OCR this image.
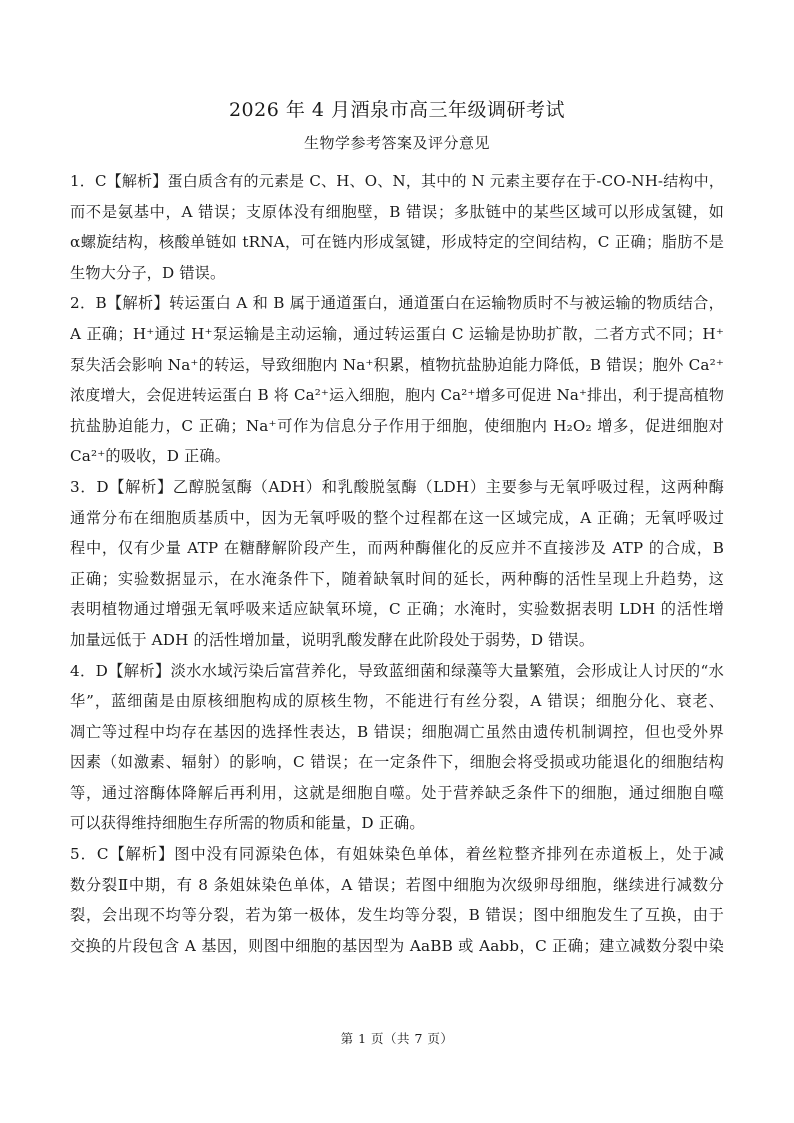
2026 年 4 月酒泉市高三年级调研考试
生物学参考答案及评分意见
1．C【解析】蛋白质含有的元素是 C、H、O、N，其中的 N 元素主要存在于-CO-NH-结构中，
而不是氨基中，A 错误；支原体没有细胞壁，B 错误；多肽链中的某些区域可以形成氢键，如
α螺旋结构，核酸单链如 tRNA，可在链内形成氢键，形成特定的空间结构，C 正确；脂肪不是
生物大分子，D 错误。
2．B【解析】转运蛋白 A 和 B 属于通道蛋白，通道蛋白在运输物质时不与被运输的物质结合，
A 正确；H⁺通过 H⁺泵运输是主动运输，通过转运蛋白 C 运输是协助扩散，二者方式不同；H⁺
泵失活会影响 Na⁺的转运，导致细胞内 Na⁺积累，植物抗盐胁迫能力降低，B 错误；胞外 Ca²⁺
浓度增大，会促进转运蛋白 B 将 Ca²⁺运入细胞，胞内 Ca²⁺增多可促进 Na⁺排出，利于提高植物
抗盐胁迫能力，C 正确；Na⁺可作为信息分子作用于细胞，使细胞内 H₂O₂ 增多，促进细胞对
Ca²⁺的吸收，D 正确。
3．D【解析】乙醇脱氢酶（ADH）和乳酸脱氢酶（LDH）主要参与无氧呼吸过程，这两种酶
通常分布在细胞质基质中，因为无氧呼吸的整个过程都在这一区域完成，A 正确；无氧呼吸过
程中，仅有少量 ATP 在糖酵解阶段产生，而两种酶催化的反应并不直接涉及 ATP 的合成，B
正确；实验数据显示，在水淹条件下，随着缺氧时间的延长，两种酶的活性呈现上升趋势，这
表明植物通过增强无氧呼吸来适应缺氧环境，C 正确；水淹时，实验数据表明 LDH 的活性增
加量远低于 ADH 的活性增加量，说明乳酸发酵在此阶段处于弱势，D 错误。
4．D【解析】淡水水域污染后富营养化，导致蓝细菌和绿藻等大量繁殖，会形成让人讨厌的“水
华”，蓝细菌是由原核细胞构成的原核生物，不能进行有丝分裂，A 错误；细胞分化、衰老、
凋亡等过程中均存在基因的选择性表达，B 错误；细胞凋亡虽然由遗传机制调控，但也受外界
因素（如激素、辐射）的影响，C 错误；在一定条件下，细胞会将受损或功能退化的细胞结构
等，通过溶酶体降解后再利用，这就是细胞自噬。处于营养缺乏条件下的细胞，通过细胞自噬
可以获得维持细胞生存所需的物质和能量，D 正确。
5．C【解析】图中没有同源染色体，有姐妹染色单体，着丝粒整齐排列在赤道板上，处于减
数分裂Ⅱ中期，有 8 条姐妹染色单体，A 错误；若图中细胞为次级卵母细胞，继续进行减数分
裂，会出现不均等分裂，若为第一极体，发生均等分裂，B 错误；图中细胞发生了互换，由于
交换的片段包含 A 基因，则图中细胞的基因型为 AaBB 或 Aabb，C 正确；建立减数分裂中染
第 1 页（共 7 页）
